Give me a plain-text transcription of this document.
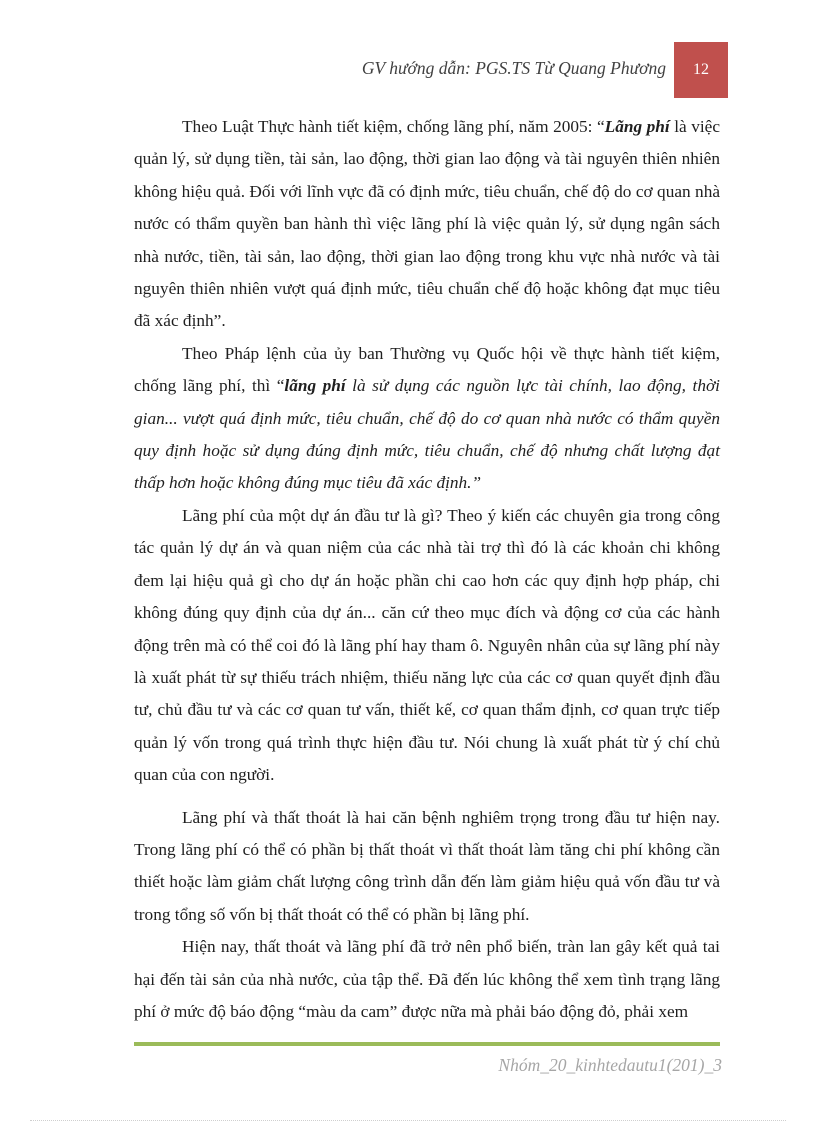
GV hướng dẫn: PGS.TS Từ Quang Phương 12

Theo Luật Thực hành tiết kiệm, chống lãng phí, năm 2005: “Lãng phí là việc quản lý, sử dụng tiền, tài sản, lao động, thời gian lao động và tài nguyên thiên nhiên không hiệu quả. Đối với lĩnh vực đã có định mức, tiêu chuẩn, chế độ do cơ quan nhà nước có thẩm quyền ban hành thì việc lãng phí là việc quản lý, sử dụng ngân sách nhà nước, tiền, tài sản, lao động, thời gian lao động trong khu vực nhà nước và tài nguyên thiên nhiên vượt quá định mức, tiêu chuẩn chế độ hoặc không đạt mục tiêu đã xác định”.

Theo Pháp lệnh của ủy ban Thường vụ Quốc hội về thực hành tiết kiệm, chống lãng phí, thì “lãng phí là sử dụng các nguồn lực tài chính, lao động, thời gian... vượt quá định mức, tiêu chuẩn, chế độ do cơ quan nhà nước có thẩm quyền quy định hoặc sử dụng đúng định mức, tiêu chuẩn, chế độ nhưng chất lượng đạt thấp hơn hoặc không đúng mục tiêu đã xác định.”

Lãng phí của một dự án đầu tư là gì? Theo ý kiến các chuyên gia trong công tác quản lý dự án và quan niệm của các nhà tài trợ thì đó là các khoản chi không đem lại hiệu quả gì cho dự án hoặc phần chi cao hơn các quy định hợp pháp, chi không đúng quy định của dự án... căn cứ theo mục đích và động cơ của các hành động trên mà có thể coi đó là lãng phí hay tham ô. Nguyên nhân của sự lãng phí này là xuất phát từ sự thiếu trách nhiệm, thiếu năng lực của các cơ quan quyết định đầu tư, chủ đầu tư và các cơ quan tư vấn, thiết kế, cơ quan thẩm định, cơ quan trực tiếp quản lý vốn trong quá trình thực hiện đầu tư. Nói chung là xuất phát từ ý chí chủ quan của con người.

Lãng phí và thất thoát là hai căn bệnh nghiêm trọng trong đầu tư hiện nay. Trong lãng phí có thể có phần bị thất thoát vì thất thoát làm tăng chi phí không cần thiết hoặc làm giảm chất lượng công trình dẫn đến làm giảm hiệu quả vốn đầu tư và trong tổng số vốn bị thất thoát có thể có phần bị lãng phí.

Hiện nay, thất thoát và lãng phí đã trở nên phổ biến, tràn lan gây kết quả tai hại đến tài sản của nhà nước, của tập thể. Đã đến lúc không thể xem tình trạng lãng phí ở mức độ báo động “màu da cam” được nữa mà phải báo động đỏ, phải xem

Nhóm_20_kinhtedautu1(201)_3
